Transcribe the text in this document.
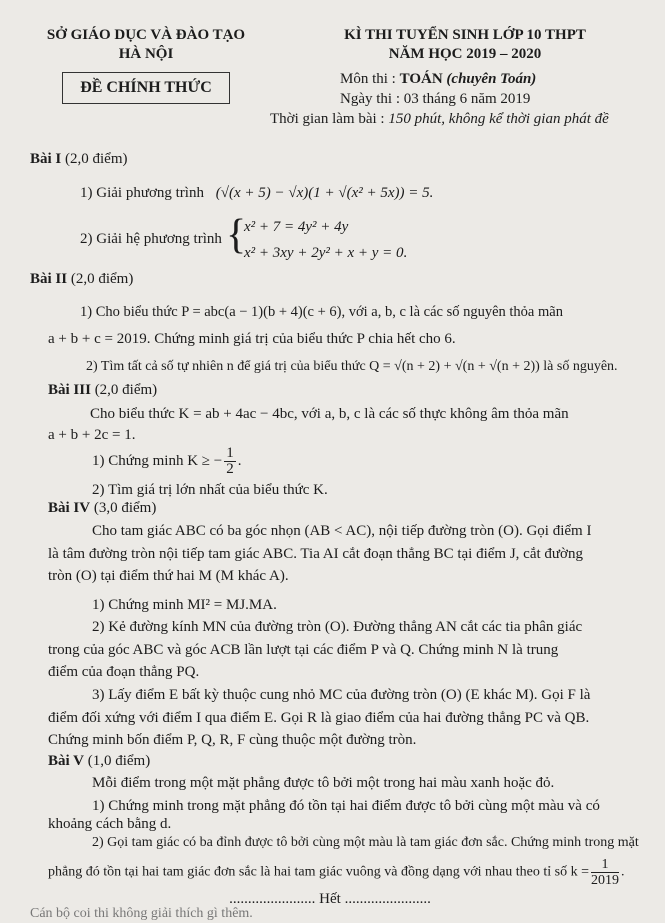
SỞ GIÁO DỤC VÀ ĐÀO TẠO
HÀ NỘI
ĐỀ CHÍNH THỨC
KÌ THI TUYỂN SINH LỚP 10 THPT
NĂM HỌC 2019 – 2020
Môn thi : TOÁN (chuyên Toán)
Ngày thi : 03 tháng 6 năm 2019
Thời gian làm bài : 150 phút, không kể thời gian phát đề
Bài I (2,0 điểm)
1) Giải phương trình (√(x + 5) − √x)(1 + √(x² + 5x)) = 5.
2) Giải hệ phương trình {
x² + 7 = 4y² + 4y
x² + 3xy + 2y² + x + y = 0.
Bài II (2,0 điểm)
1) Cho biểu thức P = abc(a − 1)(b + 4)(c + 6), với a, b, c là các số nguyên thỏa mãn
a + b + c = 2019. Chứng minh giá trị của biểu thức P chia hết cho 6.
2) Tìm tất cả số tự nhiên n để giá trị của biểu thức Q = √(n + 2) + √(n + √(n + 2)) là số nguyên.
Bài III (2,0 điểm)
Cho biểu thức K = ab + 4ac − 4bc, với a, b, c là các số thực không âm thỏa mãn
a + b + 2c = 1.
1) Chứng minh K ≥ − $\frac{1}{2}$ .
2) Tìm giá trị lớn nhất của biểu thức K.
Bài IV (3,0 điểm)
Cho tam giác ABC có ba góc nhọn (AB < AC), nội tiếp đường tròn (O). Gọi điểm I
là tâm đường tròn nội tiếp tam giác ABC. Tia AI cắt đoạn thẳng BC tại điểm J, cắt đường
tròn (O) tại điểm thứ hai M (M khác A).
1) Chứng minh MI² = MJ.MA.
2) Kẻ đường kính MN của đường tròn (O). Đường thẳng AN cắt các tia phân giác
trong của góc ABC và góc ACB lần lượt tại các điểm P và Q. Chứng minh N là trung
điểm của đoạn thẳng PQ.
3) Lấy điểm E bất kỳ thuộc cung nhỏ MC của đường tròn (O) (E khác M). Gọi F là
điểm đối xứng với điểm I qua điểm E. Gọi R là giao điểm của hai đường thẳng PC và QB.
Chứng minh bốn điểm P, Q, R, F cùng thuộc một đường tròn.
Bài V (1,0 điểm)
Mỗi điểm trong một mặt phẳng được tô bởi một trong hai màu xanh hoặc đỏ.
1) Chứng minh trong mặt phẳng đó tồn tại hai điểm được tô bởi cùng một màu và có
khoảng cách bằng d.
2) Gọi tam giác có ba đỉnh được tô bởi cùng một màu là tam giác đơn sắc. Chứng minh trong mặt
phẳng đó tồn tại hai tam giác đơn sắc là hai tam giác vuông và đồng dạng với nhau theo tỉ số $k = \frac{1}{2019}$ .
....................... Hết .......................
Cán bộ coi thi không giải thích gì thêm.
